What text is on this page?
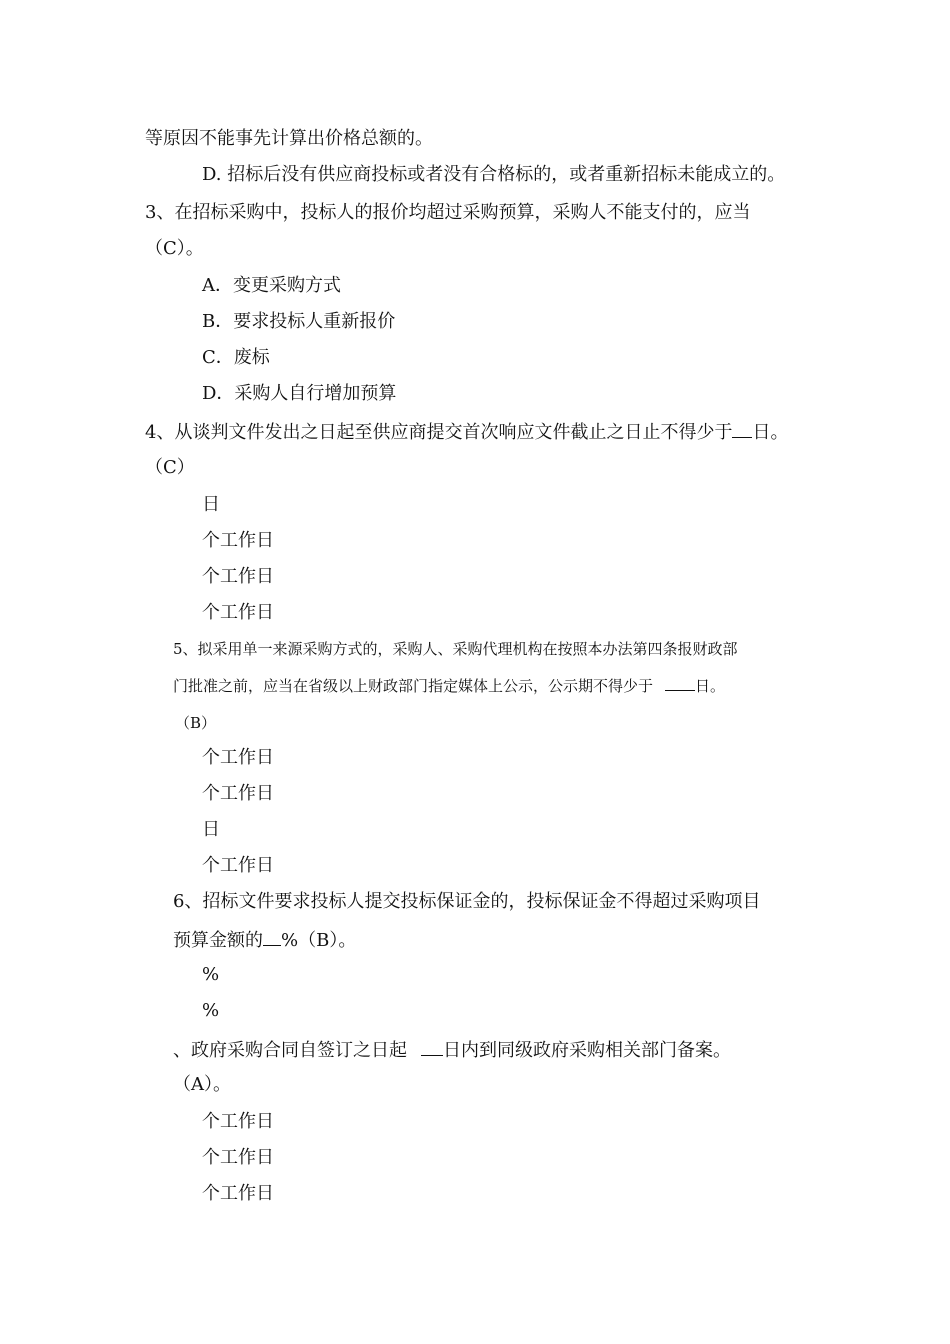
等原因不能事先计算出价格总额的。
D. 招标后没有供应商投标或者没有合格标的，或者重新招标未能成立的。
3、在招标采购中，投标人的报价均超过采购预算，采购人不能支付的，应当
（C）。
A．变更采购方式
B．要求投标人重新报价
C．废标
D．采购人自行增加预算
4、从谈判文件发出之日起至供应商提交首次响应文件截止之日止不得少于 日。
（C）
日
个工作日
个工作日
个工作日
5、拟采用单一来源采购方式的，采购人、采购代理机构在按照本办法第四条报财政部
门批准之前，应当在省级以上财政部门指定媒体上公示，公示期不得少于	日。
（B）
个工作日
个工作日
日
个工作日
6、招标文件要求投标人提交投标保证金的，投标保证金不得超过采购项目
预算金额的 %（B）。
%
%
、政府采购合同自签订之日起 日内到同级政府采购相关部门备案。
（A）。
个工作日
个工作日
个工作日
